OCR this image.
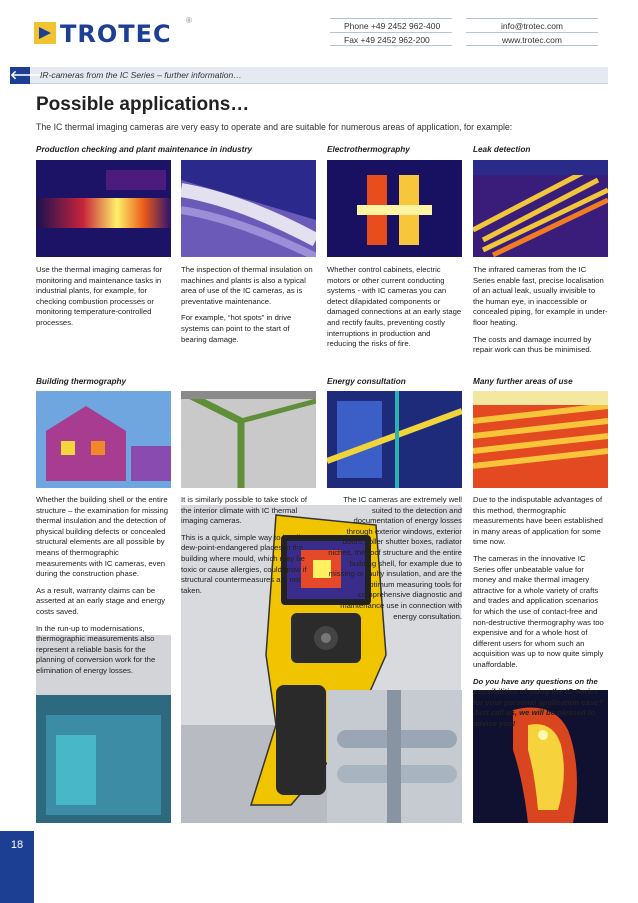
TROTEC ®
Phone +49 2452 962-400
Fax +49 2452 962-200
info@trotec.com
www.trotec.com
🡐
IR-cameras from the IC Series – further information…
Possible applications…
The IC thermal imaging cameras are very easy to operate and are suitable for numerous areas of application, for example:
Production checking and plant maintenance in industry	Electrothermography	Leak detection

Use the thermal imaging cameras for monitoring and maintenance tasks in industrial plants, for example, for checking combustion processes or monitoring temperature-controlled processes.

The inspection of thermal insulation on machines and plants is also a typical area of use of the IC cameras, as is preventative maintenance.

For example, “hot spots” in drive systems can point to the start of bearing damage.

Whether control cabinets, electric motors or other current conducting systems - with IC cameras you can detect dilapidated components or damaged connections at an early stage and rectify faults, preventing costly interruptions in production and reducing the risks of fire.

The infrared cameras from the IC Series enable fast, precise localisation of an actual leak, usually invisible to the human eye, in inaccessible or concealed piping, for example in under-floor heating.

The costs and damage incurred by repair work can thus be minimised.

Building thermography	Energy consultation	Many further areas of use

Whether the building shell or the entire structure – the examination for missing thermal insulation and the detection of physical building defects or concealed structural elements are all possible by means of thermographic measurements with IC cameras, even during the construction phase.

As a result, warranty claims can be asserted at an early stage and energy costs saved.

In the run-up to modernisations, thermographic measurements also represent a reliable basis for the planning of conversion work for the elimination of energy losses.

It is similarly possible to take stock of the interior climate with IC thermal imaging cameras.

This is a quick, simple way to localise dew-point-endangered places in the building where mould, which may be toxic or cause allergies, could grow if structural countermeasures are not taken.

The IC cameras are extremely well suited to the detection and documentation of energy losses through exterior windows, exterior doors, roller shutter boxes, radiator niches, the roof structure and the entire building shell, for example due to missing or faulty insulation, and are the optimum measuring tools for comprehensive diagnostic and maintenance use in connection with energy consultation.

Due to the indisputable advantages of this method, thermographic measurements have been established in many areas of application for some time now.

The cameras in the innovative IC Series offer unbeatable value for money and make thermal imagery attractive for a whole variety of crafts and trades and application scenarios for which the use of contact-free and non-destructive thermography was too expensive and for a whole host of different users for whom such an acquisition was up to now quite simply unaffordable.

Do you have any questions on the possibilities of using the IC Series for your personal application case? Just call us, we will be pleased to advise you!

18
